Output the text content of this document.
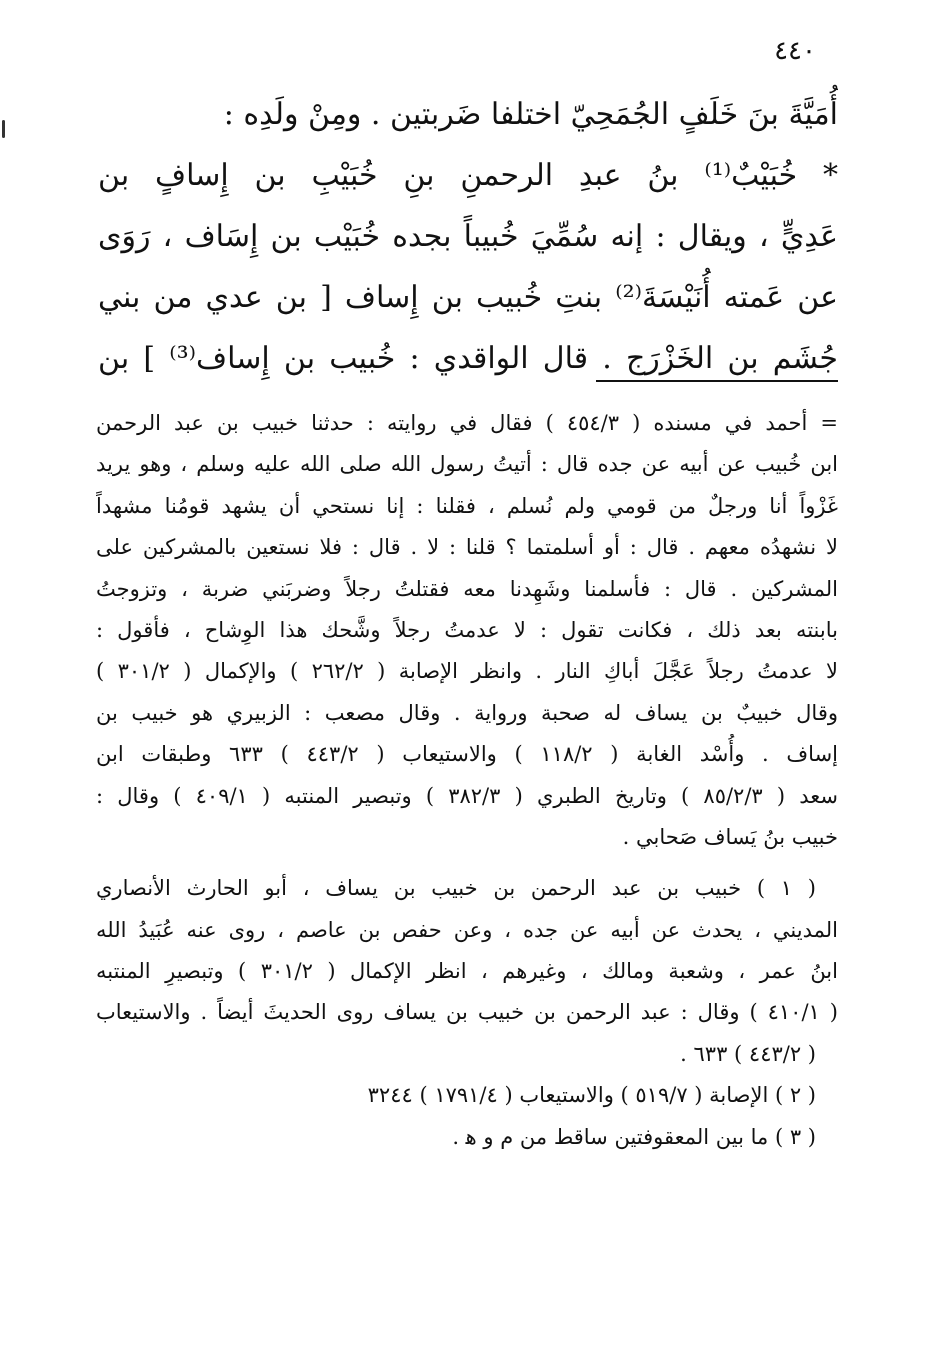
٤٤٠
أُمَيَّةَ بنَ خَلَفٍ الجُمَحِيّ اختلفا ضَربتين . ومِنْ ولَدِه :
* خُبَيْبٌ⁽¹⁾ بنُ عبدِ الرحمنِ بنِ خُبَيْبِ بن إِسافٍ بن
عَدِيٍّ ، ويقال : إنه سُمِّيَ خُبيباً بجده خُبَيْب بن إِسَاف ، رَوَى
عن عَمته أُنَيْسَةَ⁽²⁾ بنتِ خُبيب بن إِساف [ بن عدي من بني
جُشَم بن الخَزْرَج . قال الواقدي : خُبيب بن إِساف⁽³⁾ ] بن
= أحمد في مسنده ( ٤٥٤/٣ ) فقال في روايته : حدثنا خبيب بن عبد الرحمن
ابن خُبيب عن أبيه عن جده قال : أتيتُ رسول الله صلى الله عليه وسلم ، وهو يريد
غَزْواً أنا ورجلٌ من قومي ولم نُسلم ، فقلنا : إنا نستحي أن يشهد قومُنا مشهداً
لا نشهدُه معهم . قال : أو أسلمتما ؟ قلنا : لا . قال : فلا نستعين بالمشركين على
المشركين . قال : فأسلمنا وشَهِدنا معه فقتلتُ رجلاً وضربَني ضربة ، وتزوجتُ
بابنته بعد ذلك ، فكانت تقول : لا عدمتُ رجلاً وشَّحك هذا الوِشاح ، فأقول :
لا عدمتُ رجلاً عَجَّلَ أباكِ النار . وانظر الإصابة ( ٢٦٢/٢ ) والإكمال ( ٣٠١/٢ )
وقال خبيبٌ بن يساف له صحبة ورواية . وقال مصعب : الزبيري هو خبيب بن
إساف . وأُسْد الغابة ( ١١٨/٢ ) والاستيعاب ( ٤٤٣/٢ ) ٦٣٣ وطبقات ابن
سعد ( ٨٥/٢/٣ ) وتاريخ الطبري ( ٣٨٢/٣ ) وتبصير المنتبه ( ٤٠٩/١ ) وقال :
خبيب بنُ يَساف صَحابي .
( ١ ) خبيب بن عبد الرحمن بن خبيب بن يساف ، أبو الحارث الأنصاري
المديني ، يحدث عن أبيه عن جده ، وعن حفص بن عاصم ، روى عنه عُبَيدُ الله
ابنُ عمر ، وشعبة ومالك ، وغيرهم ، انظر الإكمال ( ٣٠١/٢ ) وتبصيرِ المنتبه
( ٤١٠/١ ) وقال : عبد الرحمن بن خبيب بن يساف روى الحديثَ أيضاً . والاستيعاب
( ٤٤٣/٢ ) ٦٣٣ .
( ٢ ) الإصابة ( ٥١٩/٧ ) والاستيعاب ( ١٧٩١/٤ ) ٣٢٤٤
( ٣ ) ما بين المعقوفتين ساقط من م و ﻫ .
